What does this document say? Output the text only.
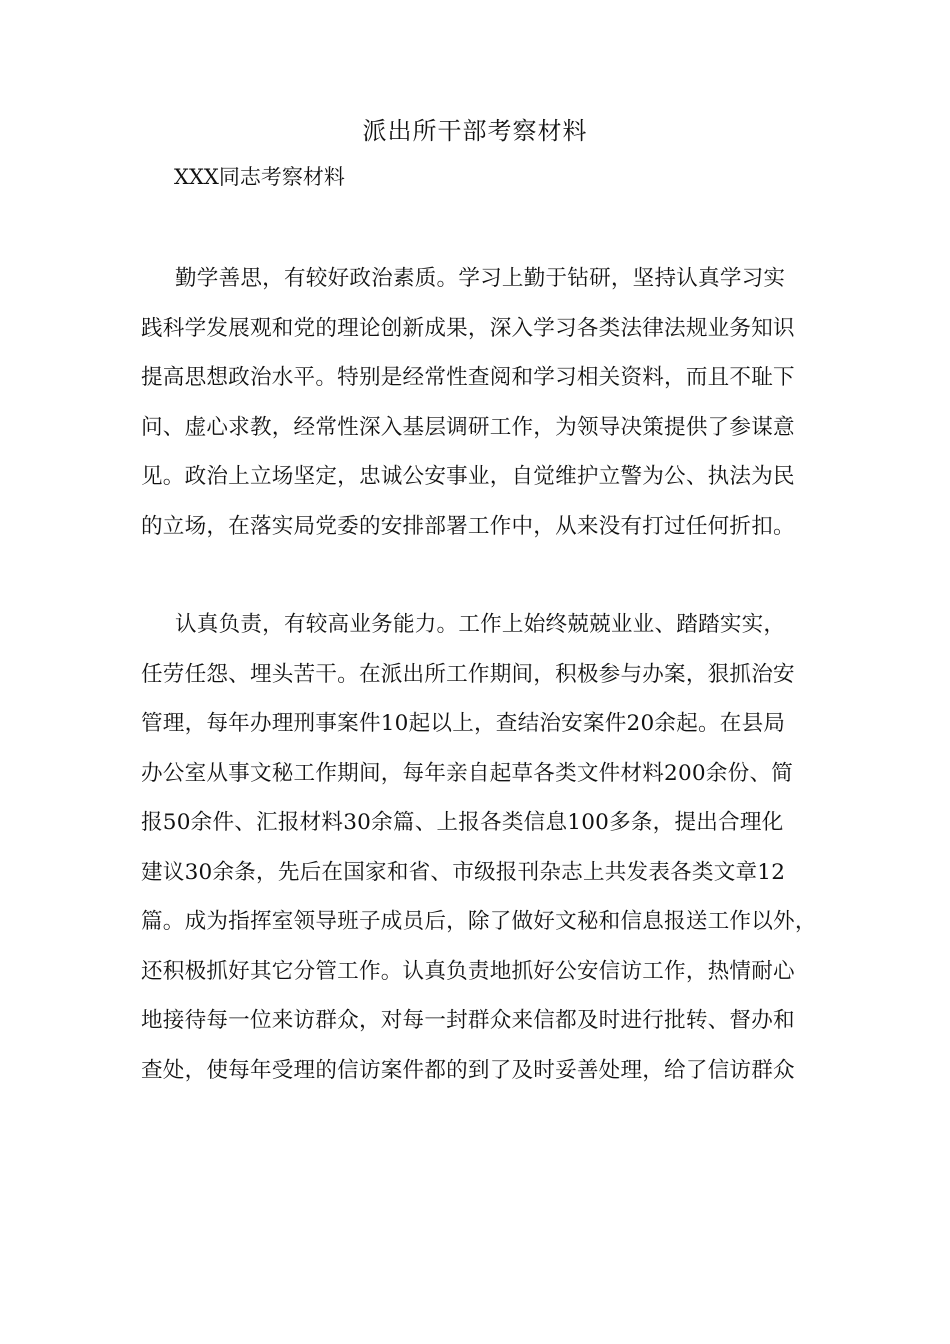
派出所干部考察材料
XXX同志考察材料
勤学善思，有较好政治素质。学习上勤于钻研，坚持认真学习实
践科学发展观和党的理论创新成果，深入学习各类法律法规业务知识
提高思想政治水平。特别是经常性查阅和学习相关资料，而且不耻下
问、虚心求教，经常性深入基层调研工作，为领导决策提供了参谋意
见。政治上立场坚定，忠诚公安事业，自觉维护立警为公、执法为民
的立场，在落实局党委的安排部署工作中，从来没有打过任何折扣。
认真负责，有较高业务能力。工作上始终兢兢业业、踏踏实实，
任劳任怨、埋头苦干。在派出所工作期间，积极参与办案，狠抓治安
管理，每年办理刑事案件10起以上，查结治安案件20余起。在县局
办公室从事文秘工作期间，每年亲自起草各类文件材料200余份、简
报50余件、汇报材料30余篇、上报各类信息100多条，提出合理化
建议30余条，先后在国家和省、市级报刊杂志上共发表各类文章12
篇。成为指挥室领导班子成员后，除了做好文秘和信息报送工作以外，
还积极抓好其它分管工作。认真负责地抓好公安信访工作，热情耐心
地接待每一位来访群众，对每一封群众来信都及时进行批转、督办和
查处，使每年受理的信访案件都的到了及时妥善处理，给了信访群众
